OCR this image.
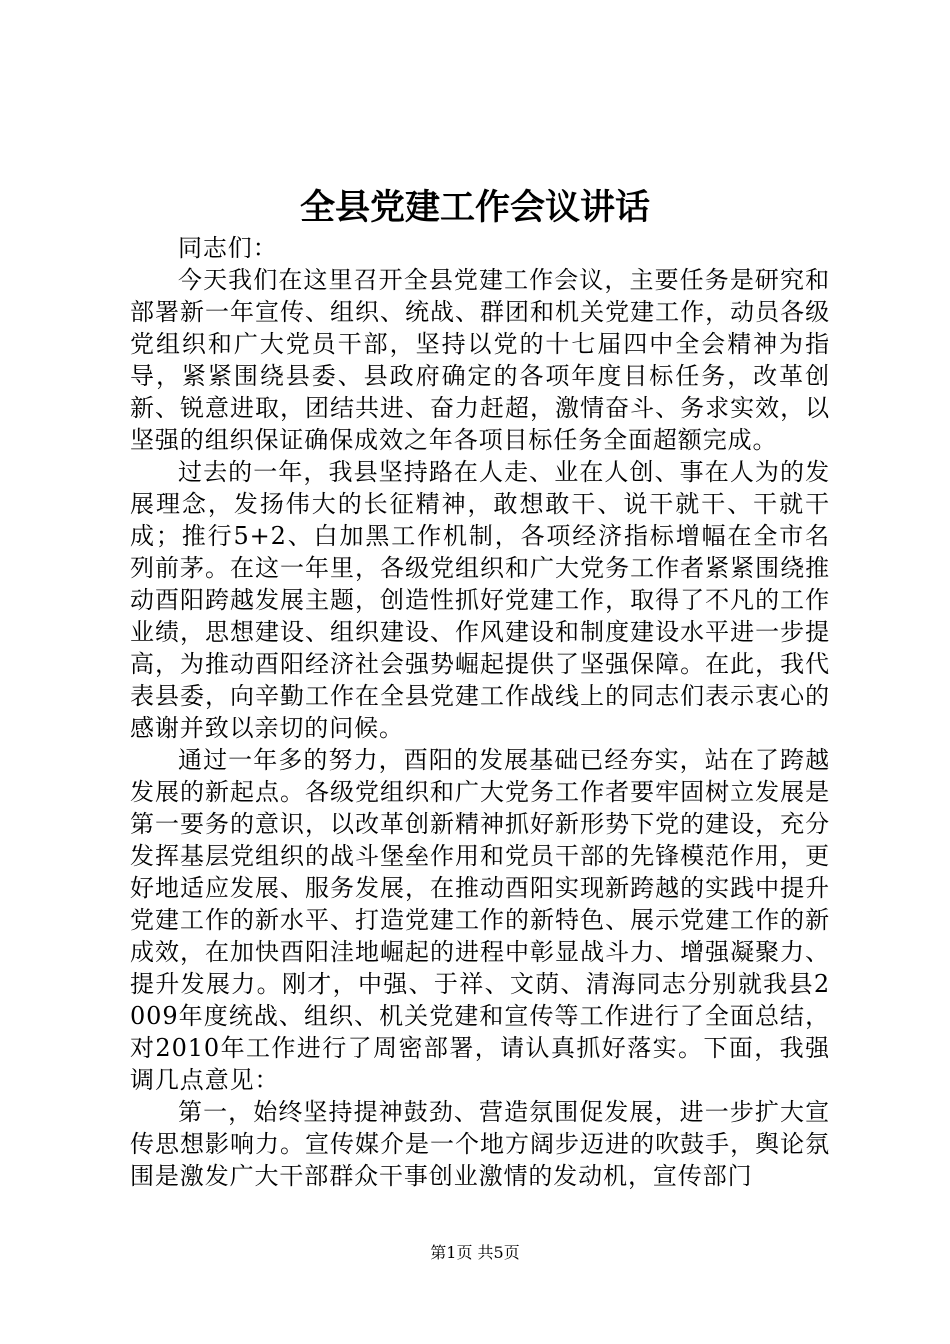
全县党建工作会议讲话

同志们：

今天我们在这里召开全县党建工作会议，主要任务是研究和部署新一年宣传、组织、统战、群团和机关党建工作，动员各级党组织和广大党员干部，坚持以党的十七届四中全会精神为指导，紧紧围绕县委、县政府确定的各项年度目标任务，改革创新、锐意进取，团结共进、奋力赶超，激情奋斗、务求实效，以坚强的组织保证确保成效之年各项目标任务全面超额完成。

过去的一年，我县坚持路在人走、业在人创、事在人为的发展理念，发扬伟大的长征精神，敢想敢干、说干就干、干就干成；推行5+2、白加黑工作机制，各项经济指标增幅在全市名列前茅。在这一年里，各级党组织和广大党务工作者紧紧围绕推动酉阳跨越发展主题，创造性抓好党建工作，取得了不凡的工作业绩，思想建设、组织建设、作风建设和制度建设水平进一步提高，为推动酉阳经济社会强势崛起提供了坚强保障。在此，我代表县委，向辛勤工作在全县党建工作战线上的同志们表示衷心的感谢并致以亲切的问候。

通过一年多的努力，酉阳的发展基础已经夯实，站在了跨越发展的新起点。各级党组织和广大党务工作者要牢固树立发展是第一要务的意识，以改革创新精神抓好新形势下党的建设，充分发挥基层党组织的战斗堡垒作用和党员干部的先锋模范作用，更好地适应发展、服务发展，在推动酉阳实现新跨越的实践中提升党建工作的新水平、打造党建工作的新特色、展示党建工作的新成效，在加快酉阳洼地崛起的进程中彰显战斗力、增强凝聚力、提升发展力。刚才，中强、于祥、文荫、清海同志分别就我县2009年度统战、组织、机关党建和宣传等工作进行了全面总结，对2010年工作进行了周密部署，请认真抓好落实。下面，我强调几点意见：

第一，始终坚持提神鼓劲、营造氛围促发展，进一步扩大宣传思想影响力。宣传媒介是一个地方阔步迈进的吹鼓手，舆论氛围是激发广大干部群众干事创业激情的发动机，宣传部门

第1页 共5页
